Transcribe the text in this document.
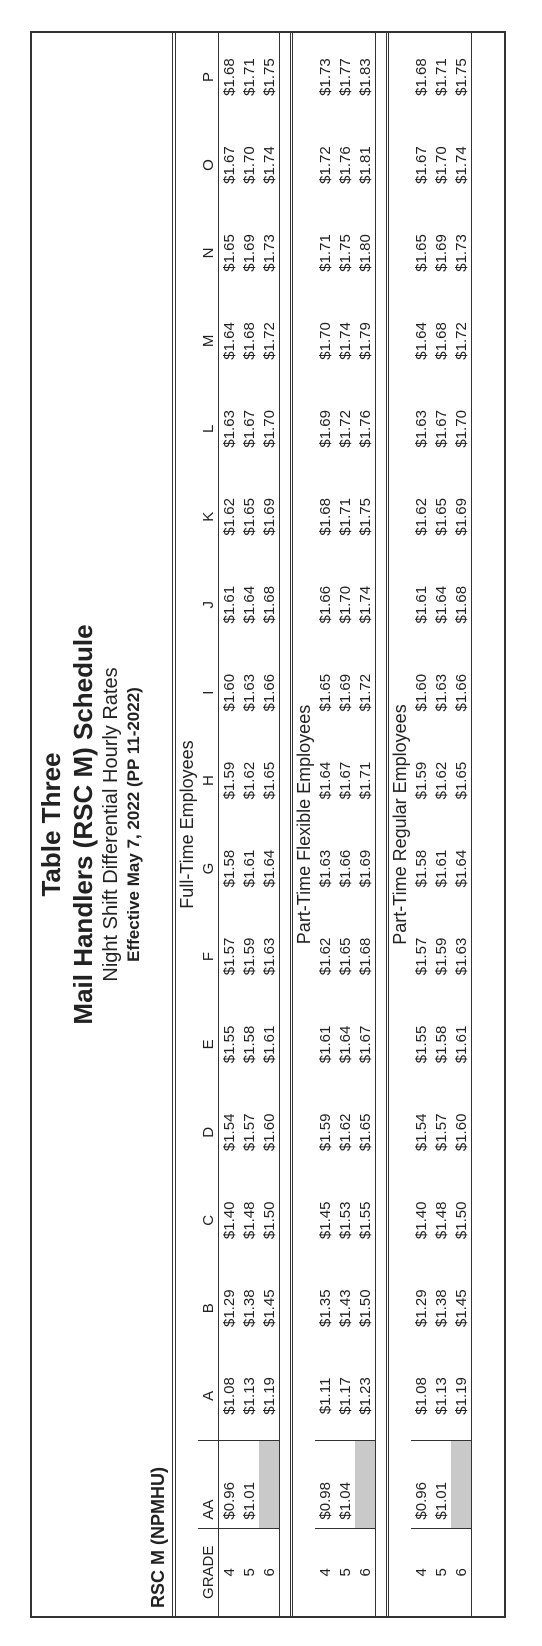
Table Three Mail Handlers (RSC M) Schedule Night Shift Differential Hourly Rates Effective May 7, 2022 (PP 11-2022)
RSC M (NPMHU)
Full-Time Employees																	
GRADE	AA	A	B	C	D	E	F	G	H	I	J	K	L	M	N	O	P
4	$0.96	$1.08	$1.29	$1.40	$1.54	$1.55	$1.57	$1.58	$1.59	$1.60	$1.61	$1.62	$1.63	$1.64	$1.65	$1.67	$1.68
5	$1.01	$1.13	$1.38	$1.48	$1.57	$1.58	$1.59	$1.61	$1.62	$1.63	$1.64	$1.65	$1.67	$1.68	$1.69	$1.70	$1.71
6		$1.19	$1.45	$1.50	$1.60	$1.61	$1.63	$1.64	$1.65	$1.66	$1.68	$1.69	$1.70	$1.72	$1.73	$1.74	$1.75

Part-Time Flexible Employees																	
4	$0.98	$1.11	$1.35	$1.45	$1.59	$1.61	$1.62	$1.63	$1.64	$1.65	$1.66	$1.68	$1.69	$1.70	$1.71	$1.72	$1.73
5	$1.04	$1.17	$1.43	$1.53	$1.62	$1.64	$1.65	$1.66	$1.67	$1.69	$1.70	$1.71	$1.72	$1.74	$1.75	$1.76	$1.77
6		$1.23	$1.50	$1.55	$1.65	$1.67	$1.68	$1.69	$1.71	$1.72	$1.74	$1.75	$1.76	$1.79	$1.80	$1.81	$1.83

Part-Time Regular Employees																	
4	$0.96	$1.08	$1.29	$1.40	$1.54	$1.55	$1.57	$1.58	$1.59	$1.60	$1.61	$1.62	$1.63	$1.64	$1.65	$1.67	$1.68
5	$1.01	$1.13	$1.38	$1.48	$1.57	$1.58	$1.59	$1.61	$1.62	$1.63	$1.64	$1.65	$1.67	$1.68	$1.69	$1.70	$1.71
6		$1.19	$1.45	$1.50	$1.60	$1.61	$1.63	$1.64	$1.65	$1.66	$1.68	$1.69	$1.70	$1.72	$1.73	$1.74	$1.75
